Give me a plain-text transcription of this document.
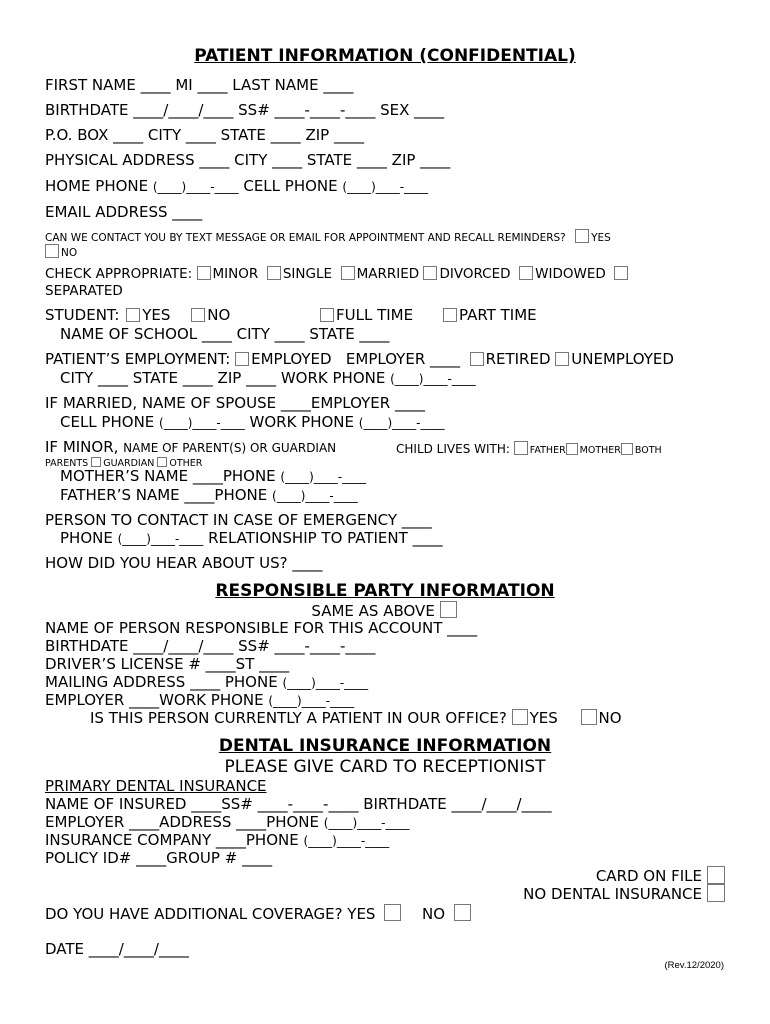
PATIENT INFORMATION (CONFIDENTIAL)
FIRST NAME ____ MI ____ LAST NAME ____
BIRTHDATE ____/____/____ SS# ____-____-____ SEX ____
P.O. BOX ____ CITY ____ STATE ____ ZIP ____
PHYSICAL ADDRESS ____ CITY ____ STATE ____ ZIP ____
HOME PHONE (____)____-____ CELL PHONE (____)____-____
EMAIL ADDRESS ____
CAN WE CONTACT YOU BY TEXT MESSAGE OR EMAIL FOR APPOINTMENT AND RECALL REMINDERS? YES
NO
CHECK APPROPRIATE: MINOR SINGLE MARRIED DIVORCED WIDOWED
SEPARATED
STUDENT: YES NO	FULL TIME	PART TIME
NAME OF SCHOOL ____ CITY ____ STATE ____
PATIENT’S EMPLOYMENT: EMPLOYED EMPLOYER ____ RETIRED UNEMPLOYED
CITY ____ STATE ____ ZIP ____ WORK PHONE (____)____-____
IF MARRIED, NAME OF SPOUSE ____EMPLOYER ____
CELL PHONE (____)____-____ WORK PHONE (____)____-____
IF MINOR, NAME OF PARENT(S) OR GUARDIAN	CHILD LIVES WITH: FATHER MOTHER BOTH
PARENTS GUARDIAN OTHER
MOTHER’S NAME ____PHONE (____)____-____
FATHER’S NAME ____PHONE (____)____-____
PERSON TO CONTACT IN CASE OF EMERGENCY ____
PHONE (____)____-____ RELATIONSHIP TO PATIENT ____
HOW DID YOU HEAR ABOUT US? ____
RESPONSIBLE PARTY INFORMATION
SAME AS ABOVE
NAME OF PERSON RESPONSIBLE FOR THIS ACCOUNT ____
BIRTHDATE ____/____/____ SS# ____-____-____
DRIVER’S LICENSE # ____ST ____
MAILING ADDRESS ____ PHONE (____)____-____
EMPLOYER ____WORK PHONE (____)____-____
IS THIS PERSON CURRENTLY A PATIENT IN OUR OFFICE? YES	NO
DENTAL INSURANCE INFORMATION
PLEASE GIVE CARD TO RECEPTIONIST
PRIMARY DENTAL INSURANCE
NAME OF INSURED ____SS# ____-____-____ BIRTHDATE ____/____/____
EMPLOYER ____ADDRESS ____PHONE (____)____-____
INSURANCE COMPANY ____PHONE (____)____-____
POLICY ID# ____GROUP # ____
CARD ON FILE
NO DENTAL INSURANCE
DO YOU HAVE ADDITIONAL COVERAGE? YES	NO
DATE ____/____/____
(Rev.12/2020)
